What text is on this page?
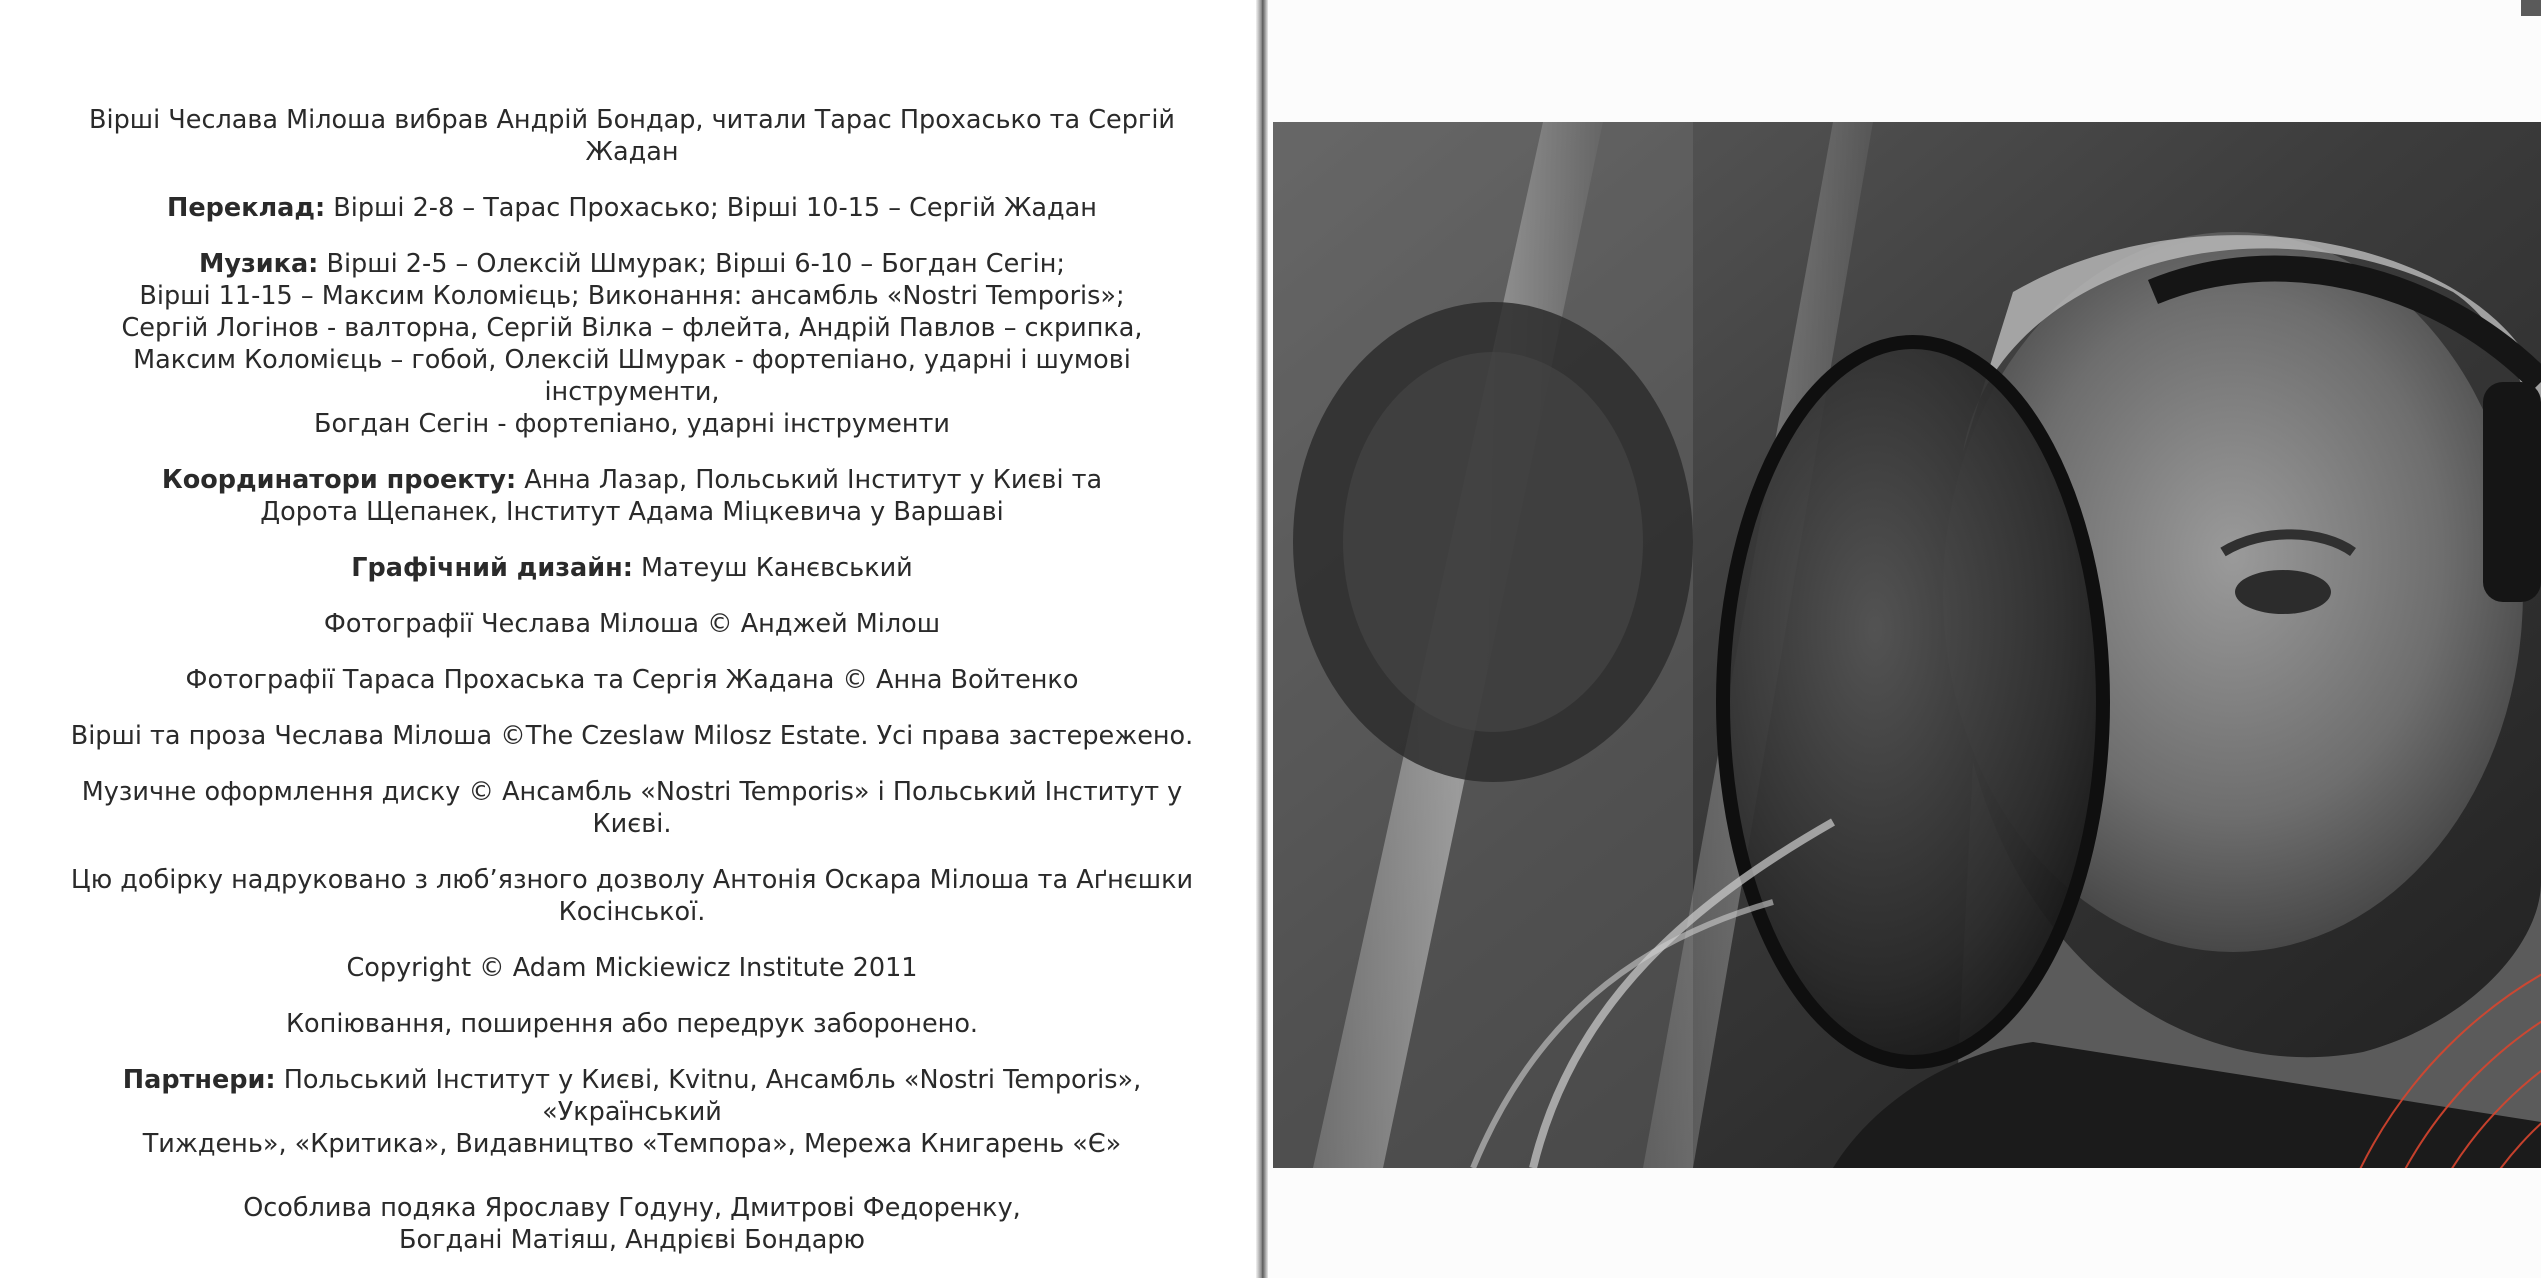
Вірші Чеслава Мілоша вибрав Андрій Бондар, читали Тарас Прохасько та Сергій Жадан

Переклад: Вірші 2-8 – Тарас Прохасько; Вірші 10-15 – Сергій Жадан

Музика: Вірші 2-5 – Олексій Шмурак; Вірші 6-10 – Богдан Сегін;

Вірші 11-15 – Максим Коломієць; Виконання: ансамбль «Nostri Temporis»;

Сергій Логінов - валторна, Сергій Вілка – флейта, Андрій Павлов – скрипка,

Максим Коломієць – гобой, Олексій Шмурак - фортепіано, ударні і шумові інструменти,

Богдан Сегін - фортепіано, ударні інструменти

Координатори проекту: Анна Лазар, Польський Інститут у Києві та

Дорота Щепанек, Інститут Адама Міцкевича у Варшаві

Графічний дизайн: Матеуш Канєвський

Фотографії Чеслава Мілоша © Анджей Мілош

Фотографії Тараса Прохаська та Сергія Жадана © Анна Войтенко

Вірші та проза Чеслава Мілоша ©The Czeslaw Milosz Estate. Усі права застережено.

Музичне оформлення диску © Ансамбль «Nostri Temporis» і Польський Інститут у Києві.

Цю добірку надруковано з люб’язного дозволу Антонія Оскара Мілоша та Аґнєшки

Косінської.

Copyright © Adam Mickiewicz Institute 2011

Копіювання, поширення або передрук заборонено.

Партнери: Польський Інститут у Києві, Kvitnu, Ансамбль «Nostri Temporis», «Український

Тиждень», «Критика», Видавництво «Темпора», Мережа Книгарень «Є»

Особлива подяка Ярославу Годуну, Дмитрові Федоренку,

Богдані Матіяш, Андрієві Бондарю
